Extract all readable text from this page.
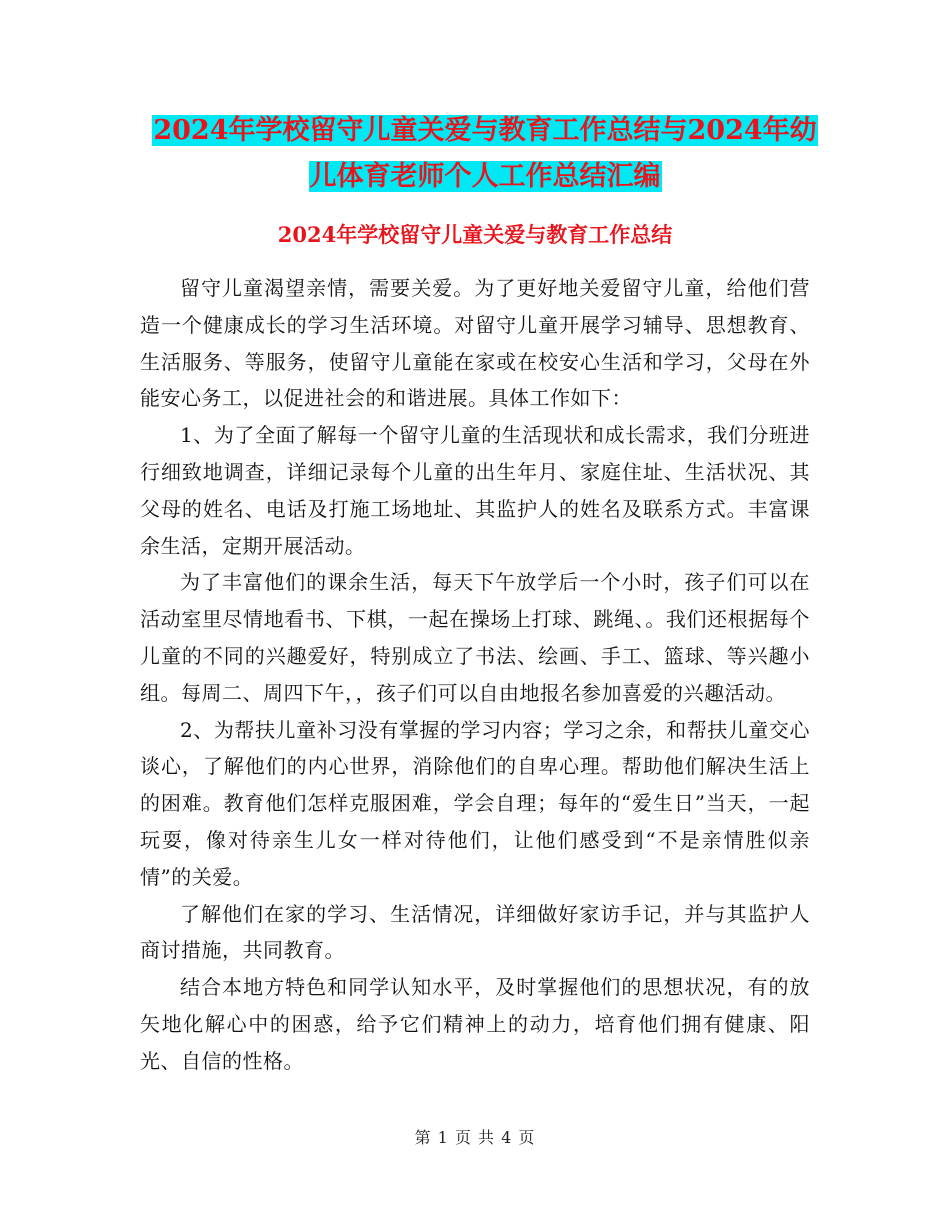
2024年学校留守儿童关爱与教育工作总结与2024年幼
儿体育老师个人工作总结汇编
2024年学校留守儿童关爱与教育工作总结

留守儿童渴望亲情，需要关爱。为了更好地关爱留守儿童，给他们营造一个健康成长的学习生活环境。对留守儿童开展学习辅导、思想教育、生活服务、等服务，使留守儿童能在家或在校安心生活和学习，父母在外能安心务工，以促进社会的和谐进展。具体工作如下：

1、为了全面了解每一个留守儿童的生活现状和成长需求，我们分班进行细致地调查，详细记录每个儿童的出生年月、家庭住址、生活状况、其父母的姓名、电话及打施工场地址、其监护人的姓名及联系方式。丰富课余生活，定期开展活动。

为了丰富他们的课余生活，每天下午放学后一个小时，孩子们可以在活动室里尽情地看书、下棋，一起在操场上打球、跳绳、。我们还根据每个儿童的不同的兴趣爱好，特别成立了书法、绘画、手工、篮球、等兴趣小组。每周二、周四下午，，孩子们可以自由地报名参加喜爱的兴趣活动。

2、为帮扶儿童补习没有掌握的学习内容；学习之余，和帮扶儿童交心谈心，了解他们的内心世界，消除他们的自卑心理。帮助他们解决生活上的困难。教育他们怎样克服困难，学会自理；每年的“爱生日”当天，一起玩耍，像对待亲生儿女一样对待他们，让他们感受到“不是亲情胜似亲情”的关爱。

了解他们在家的学习、生活情况，详细做好家访手记，并与其监护人商讨措施，共同教育。

结合本地方特色和同学认知水平，及时掌握他们的思想状况，有的放矢地化解心中的困惑，给予它们精神上的动力，培育他们拥有健康、阳光、自信的性格。

第 1 页 共 4 页
